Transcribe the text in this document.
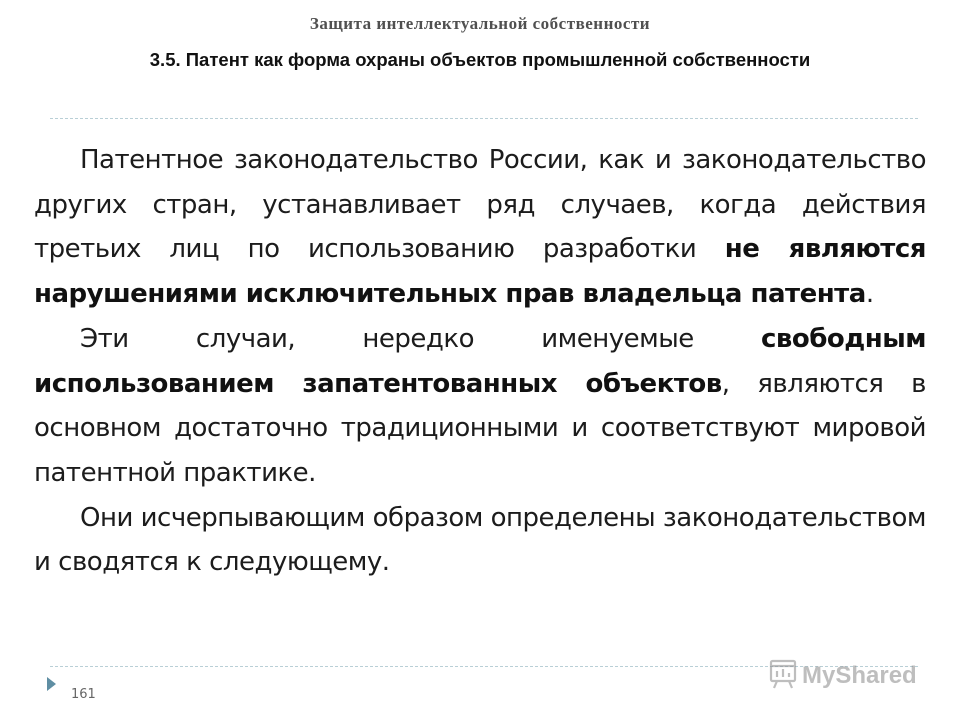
Защита интеллектуальной собственности
3.5. Патент как форма охраны объектов промышленной собственности

Патентное законодательство России, как и законодательство других стран, устанавливает ряд случаев, когда действия третьих лиц по использованию разработки не являются нарушениями исключительных прав владельца патента.

Эти случаи, нередко именуемые свободным использованием запатентованных объектов, являются в основном достаточно традиционными и соответствуют мировой патентной практике.

Они исчерпывающим образом определены законодательством и сводятся к следующему.

161
MyShared
